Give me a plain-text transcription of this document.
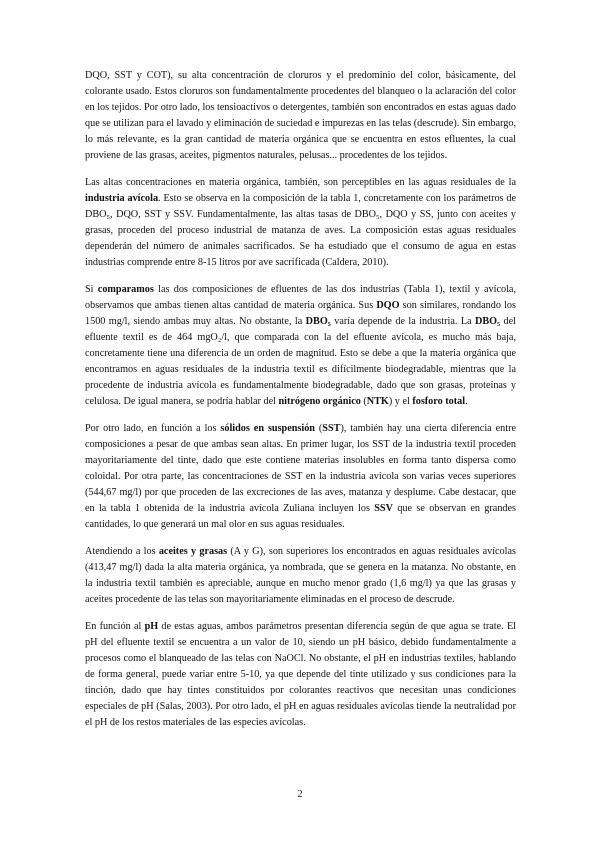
DQO, SST y COT), su alta concentración de cloruros y el predominio del color, básicamente, del colorante usado. Estos cloruros son fundamentalmente procedentes del blanqueo o la aclaración del color en los tejidos. Por otro lado, los tensioactivos o detergentes, también son encontrados en estas aguas dado que se utilizan para el lavado y eliminación de suciedad e impurezas en las telas (descrude). Sin embargo, lo más relevante, es la gran cantidad de materia orgánica que se encuentra en estos efluentes, la cual proviene de las grasas, aceites, pigmentos naturales, pelusas... procedentes de los tejidos.

Las altas concentraciones en materia orgánica, también, son perceptibles en las aguas residuales de la industria avícola. Esto se observa en la composición de la tabla 1, concretamente con los parámetros de DBO₅, DQO, SST y SSV. Fundamentalmente, las altas tasas de DBO₅, DQO y SS, junto con aceites y grasas, proceden del proceso industrial de matanza de aves. La composición estas aguas residuales dependerán del número de animales sacrificados. Se ha estudiado que el consumo de agua en estas industrias comprende entre 8-15 litros por ave sacrificada (Caldera, 2010).

Si comparamos las dos composiciones de efluentes de las dos industrias (Tabla 1), textil y avícola, observamos que ambas tienen altas cantidad de materia orgánica. Sus DQO son similares, rondando los 1500 mg/l, siendo ambas muy altas. No obstante, la DBO₅ varía depende de la industria. La DBO₅ del efluente textil es de 464 mgO₂/l, que comparada con la del efluente avícola, es mucho más baja, concretamente tiene una diferencia de un orden de magnitud. Esto se debe a que la materia orgánica que encontramos en aguas residuales de la industria textil es difícilmente biodegradable, mientras que la procedente de industria avícola es fundamentalmente biodegradable, dado que son grasas, proteínas y celulosa. De igual manera, se podría hablar del nitrógeno orgánico (NTK) y el fosforo total.

Por otro lado, en función a los sólidos en suspensión (SST), también hay una cierta diferencia entre composiciones a pesar de que ambas sean altas. En primer lugar, los SST de la industria textil proceden mayoritariamente del tinte, dado que este contiene materias insolubles en forma tanto dispersa como coloidal. Por otra parte, las concentraciones de SST en la industria avícola son varias veces superiores (544,67 mg/l) por que proceden de las excreciones de las aves, matanza y desplume. Cabe destacar, que en la tabla 1 obtenida de la industria avícola Zuliana incluyen los SSV que se observan en grandes cantidades, lo que generará un mal olor en sus aguas residuales.

Atendiendo a los aceites y grasas (A y G), son superiores los encontrados en aguas residuales avícolas (413,47 mg/l) dada la alta materia orgánica, ya nombrada, que se genera en la matanza. No obstante, en la industria textil también es apreciable, aunque en mucho menor grado (1,6 mg/l) ya que las grasas y aceites procedente de las telas son mayoritariamente eliminadas en el proceso de descrude.

En función al pH de estas aguas, ambos parámetros presentan diferencia según de que agua se trate. El pH del efluente textil se encuentra a un valor de 10, siendo un pH básico, debido fundamentalmente a procesos como el blanqueado de las telas con NaOCl. No obstante, el pH en industrias textiles, hablando de forma general, puede variar entre 5-10, ya que depende del tinte utilizado y sus condiciones para la tinción, dado que hay tintes constituidos por colorantes reactivos que necesitan unas condiciones especiales de pH (Salas, 2003). Por otro lado, el pH en aguas residuales avícolas tiende la neutralidad por el pH de los restos materiales de las especies avícolas.

2
